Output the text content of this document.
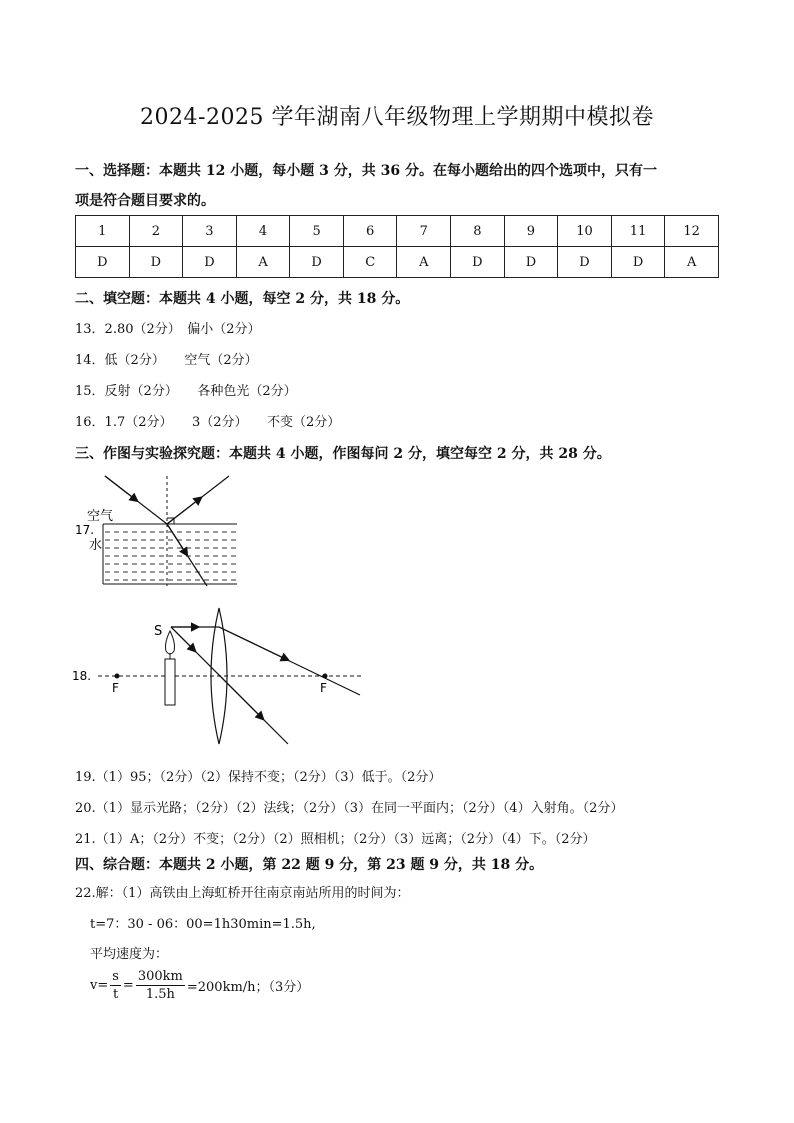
2024-2025 学年湖南八年级物理上学期期中模拟卷
一、选择题：本题共 12 小题，每小题 3 分，共 36 分。在每小题给出的四个选项中，只有一
项是符合题目要求的。
1	2	3	4	5	6	7	8	9	10	11	12
D	D	D	A	D	C	A	D	D	D	D	A
二、填空题：本题共 4 小题，每空 2 分，共 18 分。
13．2.80（2分）　偏小（2分）
14．低（2分）　　空气（2分）
15．反射（2分）　　各种色光（2分）
16．1.7（2分）　　3（2分）　　不变（2分）
三、作图与实验探究题：本题共 4 小题，作图每问 2 分，填空每空 2 分，共 28 分。
17.
空气
水
18.
F	F
S
19.（1）95；（2分）（2）保持不变；（2分）（3）低于。（2分）
20.（1）显示光路；（2分）（2）法线；（2分）（3）在同一平面内；（2分）（4）入射角。（2分）
21.（1）A；（2分）不变；（2分）（2）照相机；（2分）（3）远离；（2分）（4）下。（2分）
四、综合题：本题共 2 小题，第 22 题 9 分，第 23 题 9 分，共 18 分。
22.解：（1）高铁由上海虹桥开往南京南站所用的时间为：
t=7：30 - 06：00=1h30min=1.5h,
平均速度为：
$v= \frac{s}{t} = \frac{300km}{1.5h} =200km/h$；（3分）
